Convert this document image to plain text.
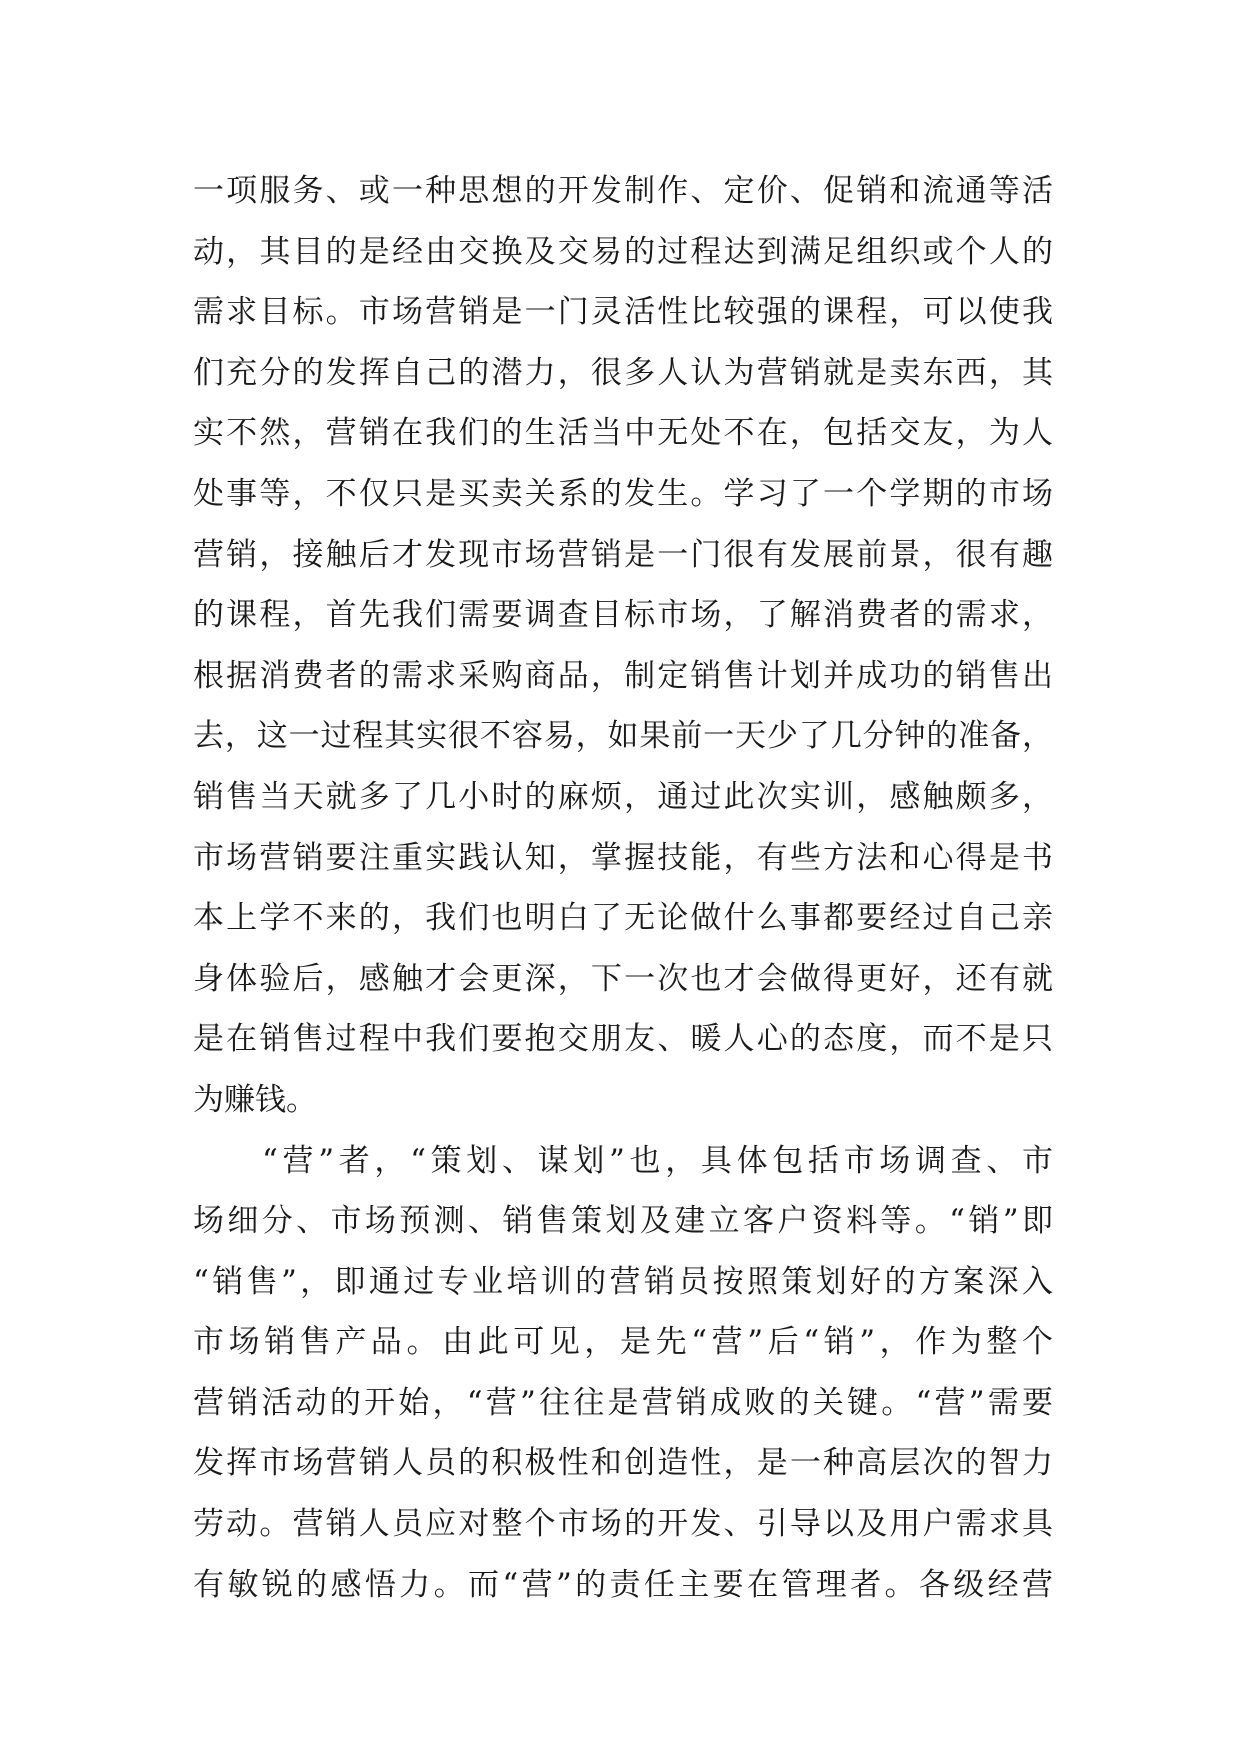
一项服务、或一种思想的开发制作、定价、促销和流通等活
动，其目的是经由交换及交易的过程达到满足组织或个人的
需求目标。市场营销是一门灵活性比较强的课程，可以使我
们充分的发挥自己的潜力，很多人认为营销就是卖东西，其
实不然，营销在我们的生活当中无处不在，包括交友，为人
处事等，不仅只是买卖关系的发生。学习了一个学期的市场
营销，接触后才发现市场营销是一门很有发展前景，很有趣
的课程，首先我们需要调查目标市场，了解消费者的需求，
根据消费者的需求采购商品，制定销售计划并成功的销售出
去，这一过程其实很不容易，如果前一天少了几分钟的准备，
销售当天就多了几小时的麻烦，通过此次实训，感触颇多，
市场营销要注重实践认知，掌握技能，有些方法和心得是书
本上学不来的，我们也明白了无论做什么事都要经过自己亲
身体验后，感触才会更深，下一次也才会做得更好，还有就
是在销售过程中我们要抱交朋友、暖人心的态度，而不是只
为赚钱。
“营”者，“策划、谋划”也，具体包括市场调查、市
场细分、市场预测、销售策划及建立客户资料等。“销”即
“销售”，即通过专业培训的营销员按照策划好的方案深入
市场销售产品。由此可见，是先“营”后“销”，作为整个
营销活动的开始，“营”往往是营销成败的关键。“营”需要
发挥市场营销人员的积极性和创造性，是一种高层次的智力
劳动。营销人员应对整个市场的开发、引导以及用户需求具
有敏锐的感悟力。而“营”的责任主要在管理者。各级经营
